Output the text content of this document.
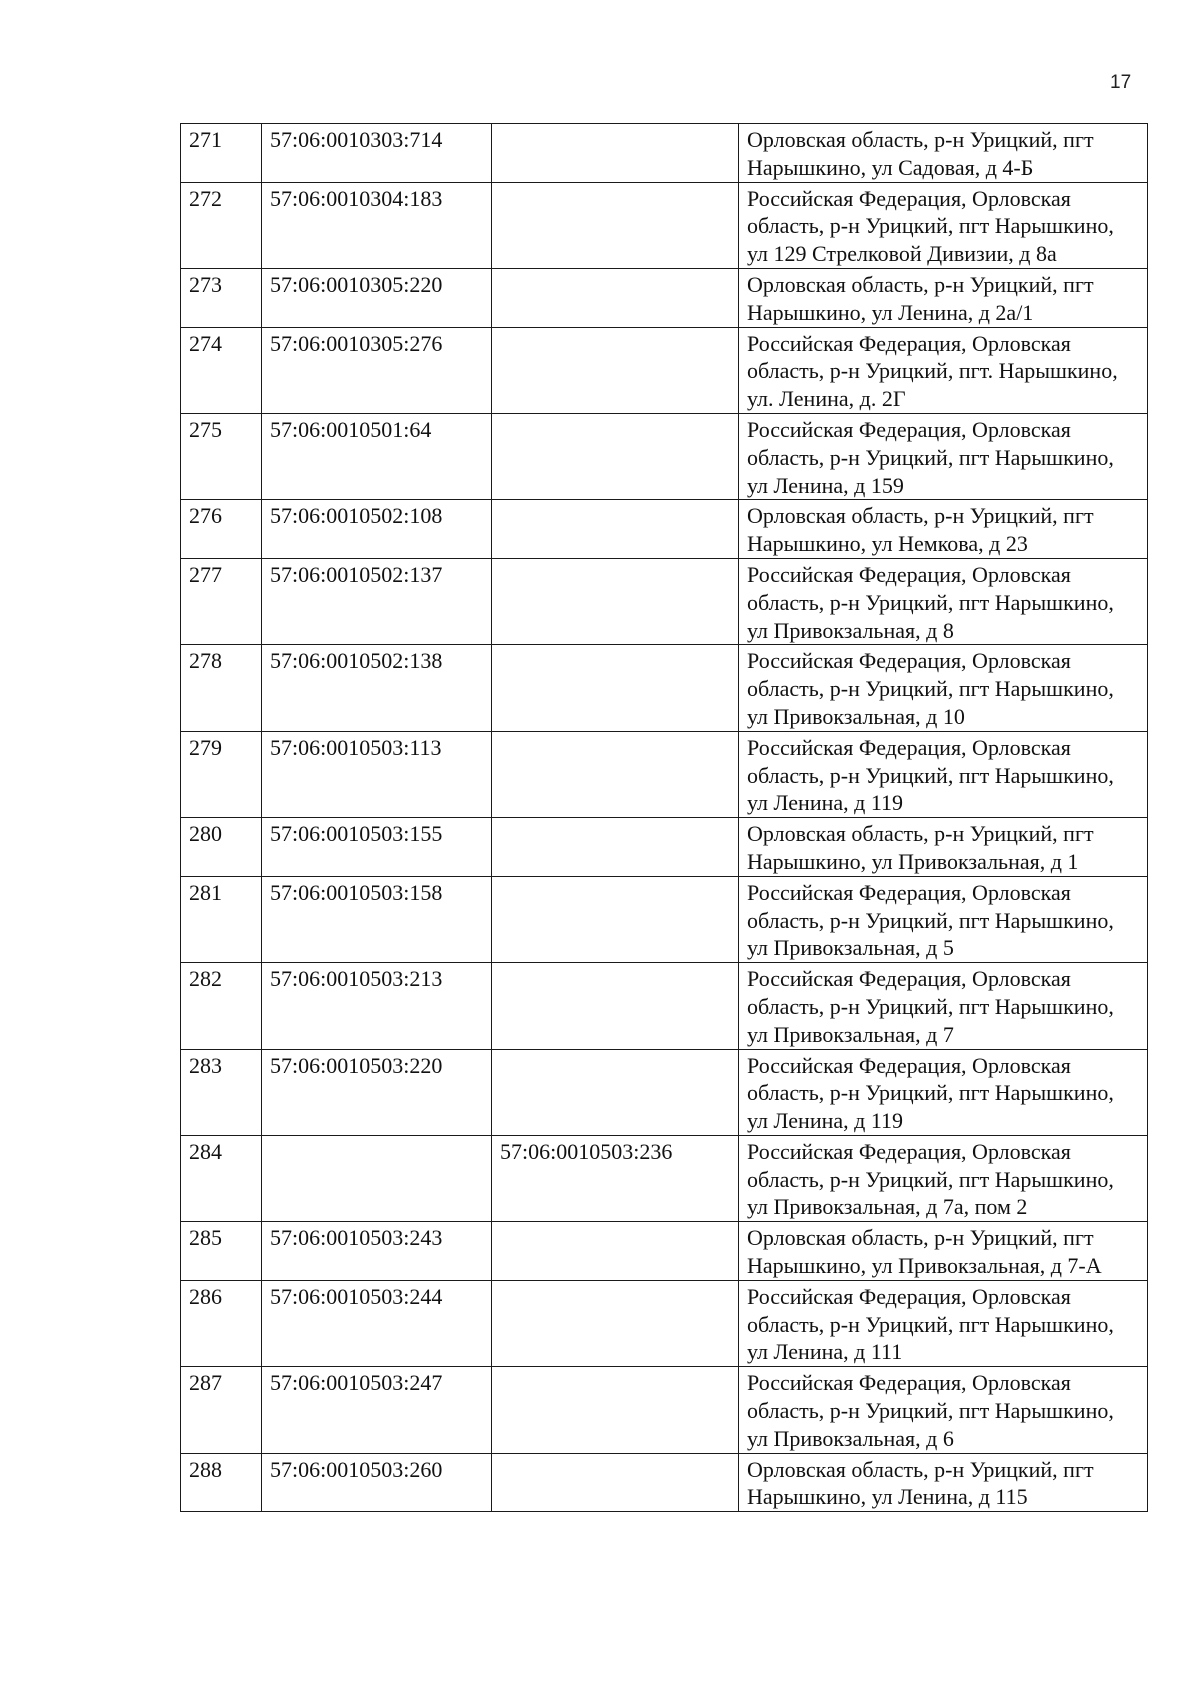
17
271	57:06:0010303:714		Орловская область, р-н Урицкий, пгт Нарышкино, ул Садовая, д 4-Б
272	57:06:0010304:183		Российская Федерация, Орловская область, р-н Урицкий, пгт Нарышкино, ул 129 Стрелковой Дивизии, д 8а
273	57:06:0010305:220		Орловская область, р-н Урицкий, пгт Нарышкино, ул Ленина, д 2а/1
274	57:06:0010305:276		Российская Федерация, Орловская область, р-н Урицкий, пгт. Нарышкино, ул. Ленина, д. 2Г
275	57:06:0010501:64		Российская Федерация, Орловская область, р-н Урицкий, пгт Нарышкино, ул Ленина, д 159
276	57:06:0010502:108		Орловская область, р-н Урицкий, пгт Нарышкино, ул Немкова, д 23
277	57:06:0010502:137		Российская Федерация, Орловская область, р-н Урицкий, пгт Нарышкино, ул Привокзальная, д 8
278	57:06:0010502:138		Российская Федерация, Орловская область, р-н Урицкий, пгт Нарышкино, ул Привокзальная, д 10
279	57:06:0010503:113		Российская Федерация, Орловская область, р-н Урицкий, пгт Нарышкино, ул Ленина, д 119
280	57:06:0010503:155		Орловская область, р-н Урицкий, пгт Нарышкино, ул Привокзальная, д 1
281	57:06:0010503:158		Российская Федерация, Орловская область, р-н Урицкий, пгт Нарышкино, ул Привокзальная, д 5
282	57:06:0010503:213		Российская Федерация, Орловская область, р-н Урицкий, пгт Нарышкино, ул Привокзальная, д 7
283	57:06:0010503:220		Российская Федерация, Орловская область, р-н Урицкий, пгт Нарышкино, ул Ленина, д 119
284		57:06:0010503:236	Российская Федерация, Орловская область, р-н Урицкий, пгт Нарышкино, ул Привокзальная, д 7а, пом 2
285	57:06:0010503:243		Орловская область, р-н Урицкий, пгт Нарышкино, ул Привокзальная, д 7-А
286	57:06:0010503:244		Российская Федерация, Орловская область, р-н Урицкий, пгт Нарышкино, ул Ленина, д 111
287	57:06:0010503:247		Российская Федерация, Орловская область, р-н Урицкий, пгт Нарышкино, ул Привокзальная, д 6
288	57:06:0010503:260		Орловская область, р-н Урицкий, пгт Нарышкино, ул Ленина, д 115
